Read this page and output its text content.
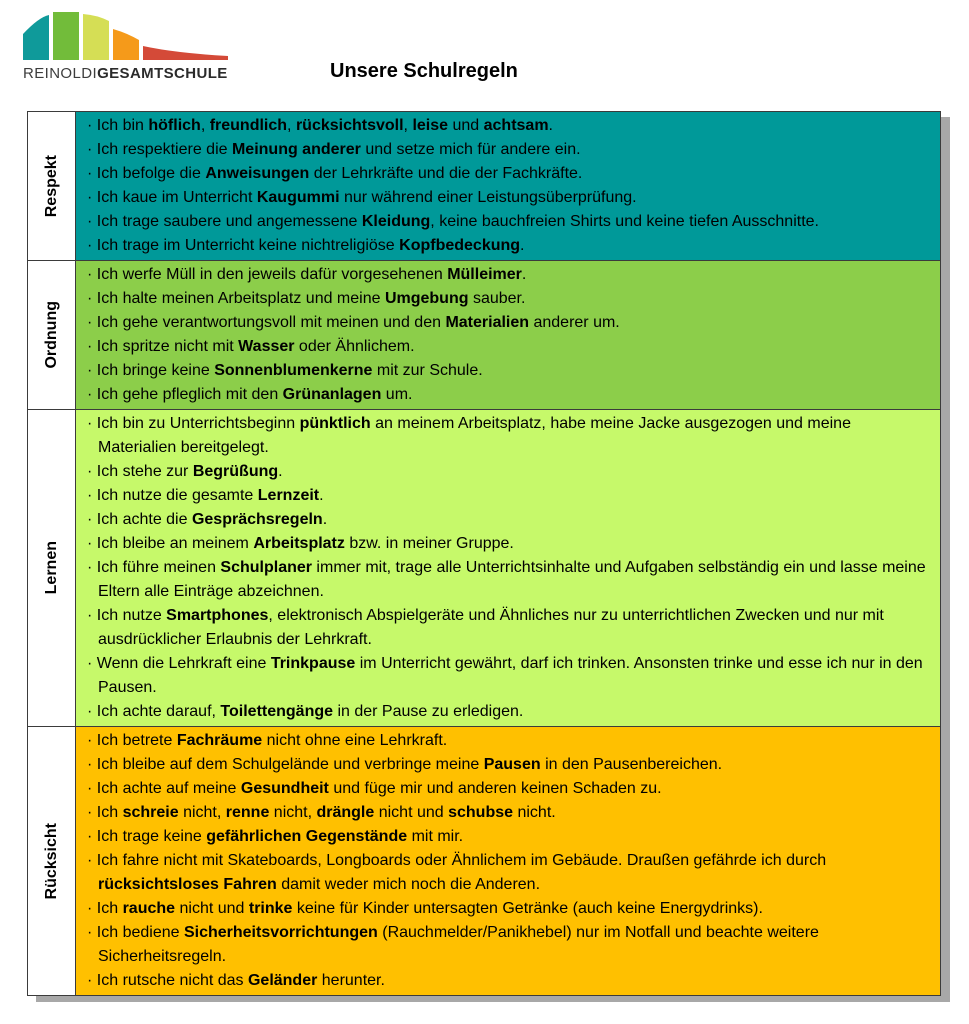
REINOLDIGESAMTSCHULE	Unsere Schulregeln
Respekt
· Ich bin höflich, freundlich, rücksichtsvoll, leise und achtsam.
· Ich respektiere die Meinung anderer und setze mich für andere ein.
· Ich befolge die Anweisungen der Lehrkräfte und die der Fachkräfte.
· Ich kaue im Unterricht Kaugummi nur während einer Leistungsüberprüfung.
· Ich trage saubere und angemessene Kleidung, keine bauchfreien Shirts und keine tiefen Ausschnitte.
· Ich trage im Unterricht keine nichtreligiöse Kopfbedeckung.
Ordnung
· Ich werfe Müll in den jeweils dafür vorgesehenen Mülleimer.
· Ich halte meinen Arbeitsplatz und meine Umgebung sauber.
· Ich gehe verantwortungsvoll mit meinen und den Materialien anderer um.
· Ich spritze nicht mit Wasser oder Ähnlichem.
· Ich bringe keine Sonnenblumenkerne mit zur Schule.
· Ich gehe pfleglich mit den Grünanlagen um.
Lernen
· Ich bin zu Unterrichtsbeginn pünktlich an meinem Arbeitsplatz, habe meine Jacke ausgezogen und meine Materialien bereitgelegt.
· Ich stehe zur Begrüßung.
· Ich nutze die gesamte Lernzeit.
· Ich achte die Gesprächsregeln.
· Ich bleibe an meinem Arbeitsplatz bzw. in meiner Gruppe.
· Ich führe meinen Schulplaner immer mit, trage alle Unterrichtsinhalte und Aufgaben selbständig ein und lasse meine Eltern alle Einträge abzeichnen.
· Ich nutze Smartphones, elektronisch Abspielgeräte und Ähnliches nur zu unterrichtlichen Zwecken und nur mit ausdrücklicher Erlaubnis der Lehrkraft.
· Wenn die Lehrkraft eine Trinkpause im Unterricht gewährt, darf ich trinken. Ansonsten trinke und esse ich nur in den Pausen.
· Ich achte darauf, Toilettengänge in der Pause zu erledigen.
Rücksicht
· Ich betrete Fachräume nicht ohne eine Lehrkraft.
· Ich bleibe auf dem Schulgelände und verbringe meine Pausen in den Pausenbereichen.
· Ich achte auf meine Gesundheit und füge mir und anderen keinen Schaden zu.
· Ich schreie nicht, renne nicht, drängle nicht und schubse nicht.
· Ich trage keine gefährlichen Gegenstände mit mir.
· Ich fahre nicht mit Skateboards, Longboards oder Ähnlichem im Gebäude. Draußen gefährde ich durch rücksichtsloses Fahren damit weder mich noch die Anderen.
· Ich rauche nicht und trinke keine für Kinder untersagten Getränke (auch keine Energydrinks).
· Ich bediene Sicherheitsvorrichtungen (Rauchmelder/Panikhebel) nur im Notfall und beachte weitere Sicherheitsregeln.
· Ich rutsche nicht das Geländer herunter.
